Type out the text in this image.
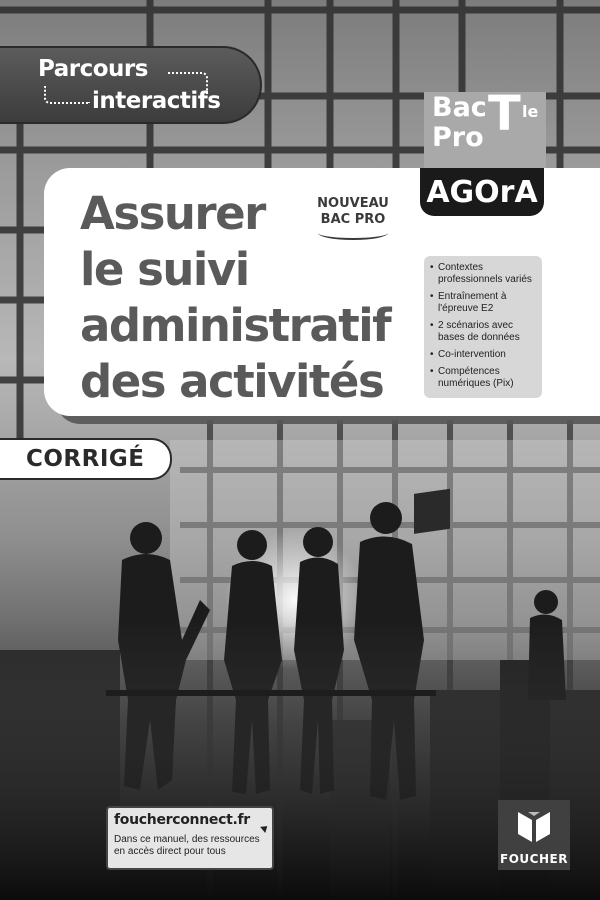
Parcours
interactifs	Bac
Pro T le
AGOrA
Assurer
le suivi
administratif
des activités
NOUVEAU
BAC PRO
• Contextes professionnels variés
• Entraînement à l'épreuve E2
• 2 scénarios avec bases de données
• Co-intervention
• Compétences numériques (Pix)
CORRIGÉ
foucherconnect.fr
Dans ce manuel, des ressources en accès direct pour tous
FOUCHER
